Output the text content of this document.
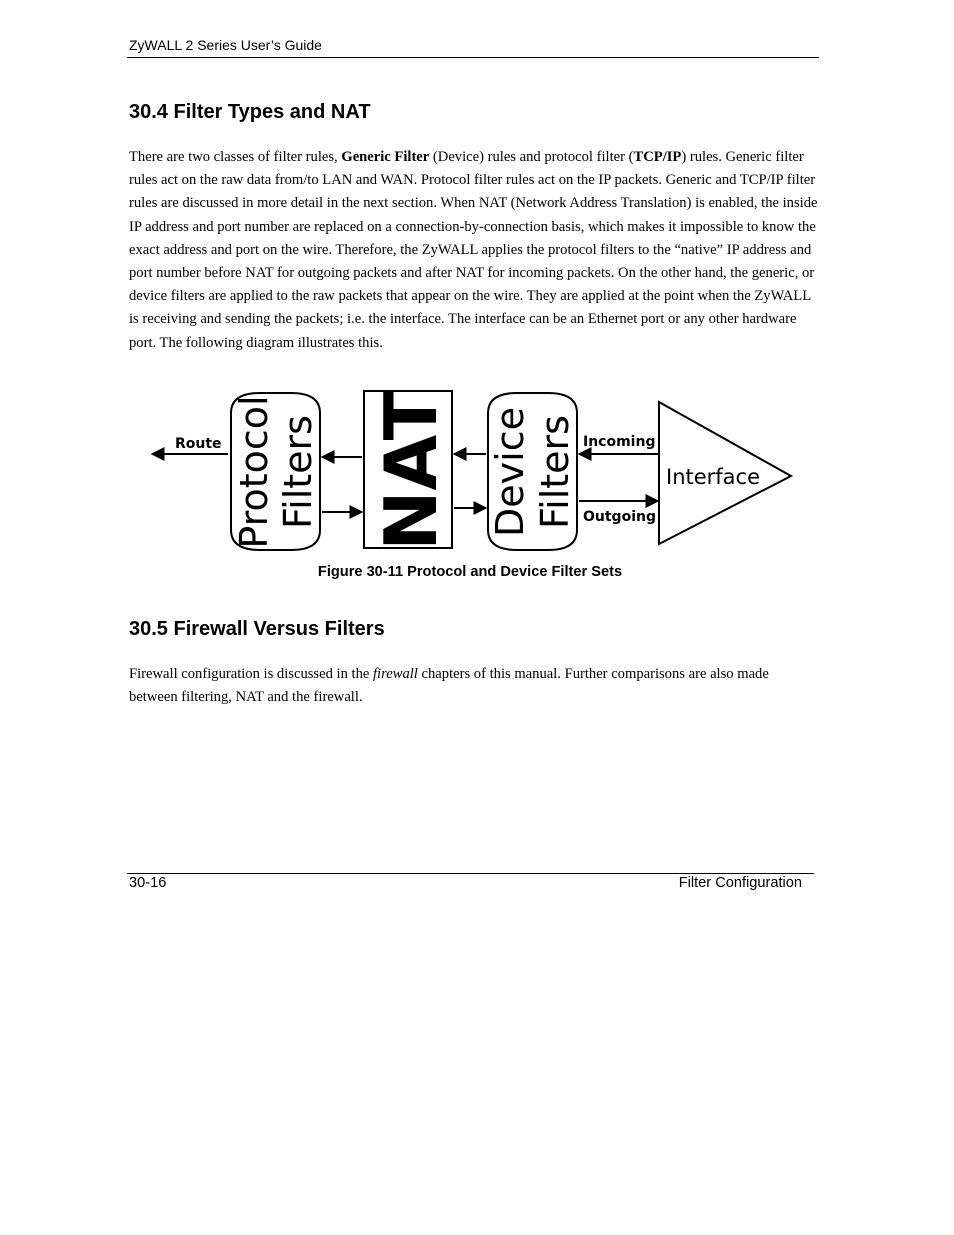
ZyWALL 2 Series User’s Guide
30.4 Filter Types and NAT
There are two classes of filter rules, Generic Filter (Device) rules and protocol filter (TCP/IP) rules. Generic filter rules act on the raw data from/to LAN and WAN. Protocol filter rules act on the IP packets. Generic and TCP/IP filter rules are discussed in more detail in the next section. When NAT (Network Address Translation) is enabled, the inside IP address and port number are replaced on a connection-by-connection basis, which makes it impossible to know the exact address and port on the wire. Therefore, the ZyWALL applies the protocol filters to the “native” IP address and port number before NAT for outgoing packets and after NAT for incoming packets. On the other hand, the generic, or device filters are applied to the raw packets that appear on the wire. They are applied at the point when the ZyWALL is receiving and sending the packets; i.e. the interface. The interface can be an Ethernet port or any other hardware port. The following diagram illustrates this.
Route Protocol Filters NAT Device Filters Incoming
Outgoing
Interface
Figure 30-11 Protocol and Device Filter Sets
30.5 Firewall Versus Filters
Firewall configuration is discussed in the firewall chapters of this manual. Further comparisons are also made between filtering, NAT and the firewall.
30-16	Filter Configuration
